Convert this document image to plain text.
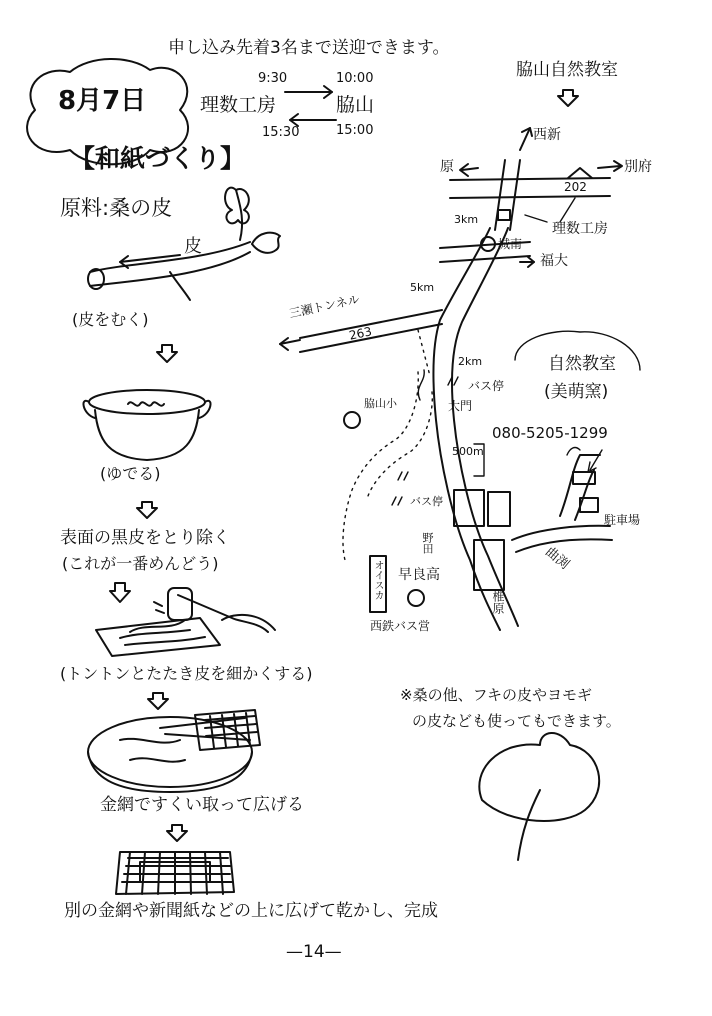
申し込み先着3名まで送迎できます。
8月7日
9:30	10:00
理数工房	脇山
15:30	15:00
【和紙づくり】
原料:桑の皮
皮
(皮をむく)
(ゆでる)
表面の黒皮をとり除く
(これが一番めんどう)
(トントンとたたき皮を細かくする)
金網ですくい取って広げる
別の金網や新聞紙などの上に広げて乾かし、完成
脇山自然教室
西新
原
202
別府
3km
理数工房
城南
福大
5km
三瀬トンネル
263
2km
バス停
大門
脇山小
500m
自然教室
(美萌窯)
080-5205-1299
駐車場
野田
バス停
早良高
オイスカ
西鉄バス営
椎原
曲渕
※桑の他、フキの皮やヨモギ
の皮なども使ってもできます。
—14—
